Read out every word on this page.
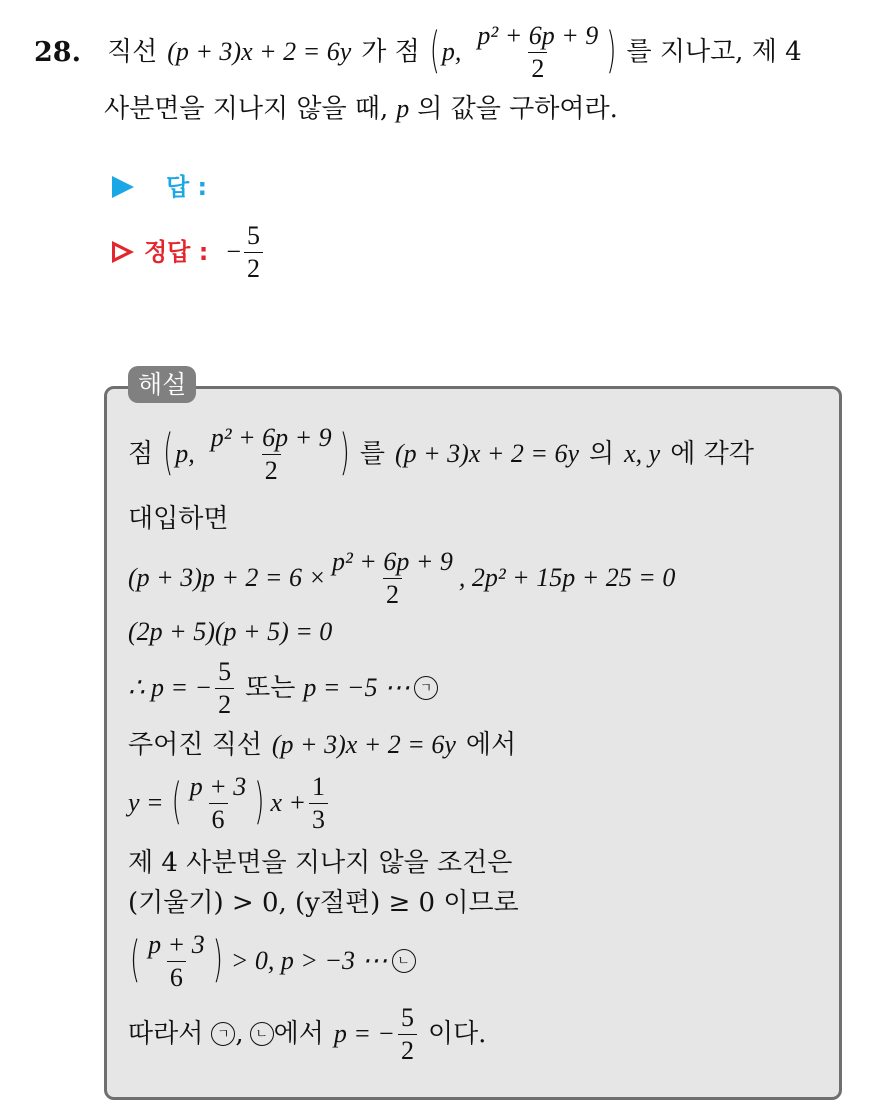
28. 직선 (p + 3)x + 2 = 6y 가 점 ( p, $\frac{\text{p² + 6p + 9}}{2}$ ) 를 지나고, 제 4
사분면을 지나지 않을 때, p 의 값을 구하여라.
답 :
정답 : − $\frac{5}{2}$
해설
점 ( p, $\frac{\text{p² + 6p + 9}}{2}$ ) 를 (p + 3)x + 2 = 6y 의 x, y 에 각각
대입하면
$(p + 3)p + 2 = 6 \times \frac{\text{p² + 6p + 9}}{2}$ , 2p² + 15p + 25 = 0
(2p + 5)(p + 5) = 0
∴ p = − $\frac{5}{2}$ 또는 p = −5 ⋯ ㄱ
주어진 직선 (p + 3)x + 2 = 6y 에서
y = ( $\frac{p + 3}{6}$ ) $x + \frac{1}{3}$
제 4 사분면을 지나지 않을 조건은
(기울기) > 0, (y절편) ≥ 0 이므로
( $\frac{p + 3}{6}$ ) > 0, p > −3 ⋯ ㄴ
따라서	ㄱ , ㄴ 에서 p = − $\frac{5}{2}$ 이다.
